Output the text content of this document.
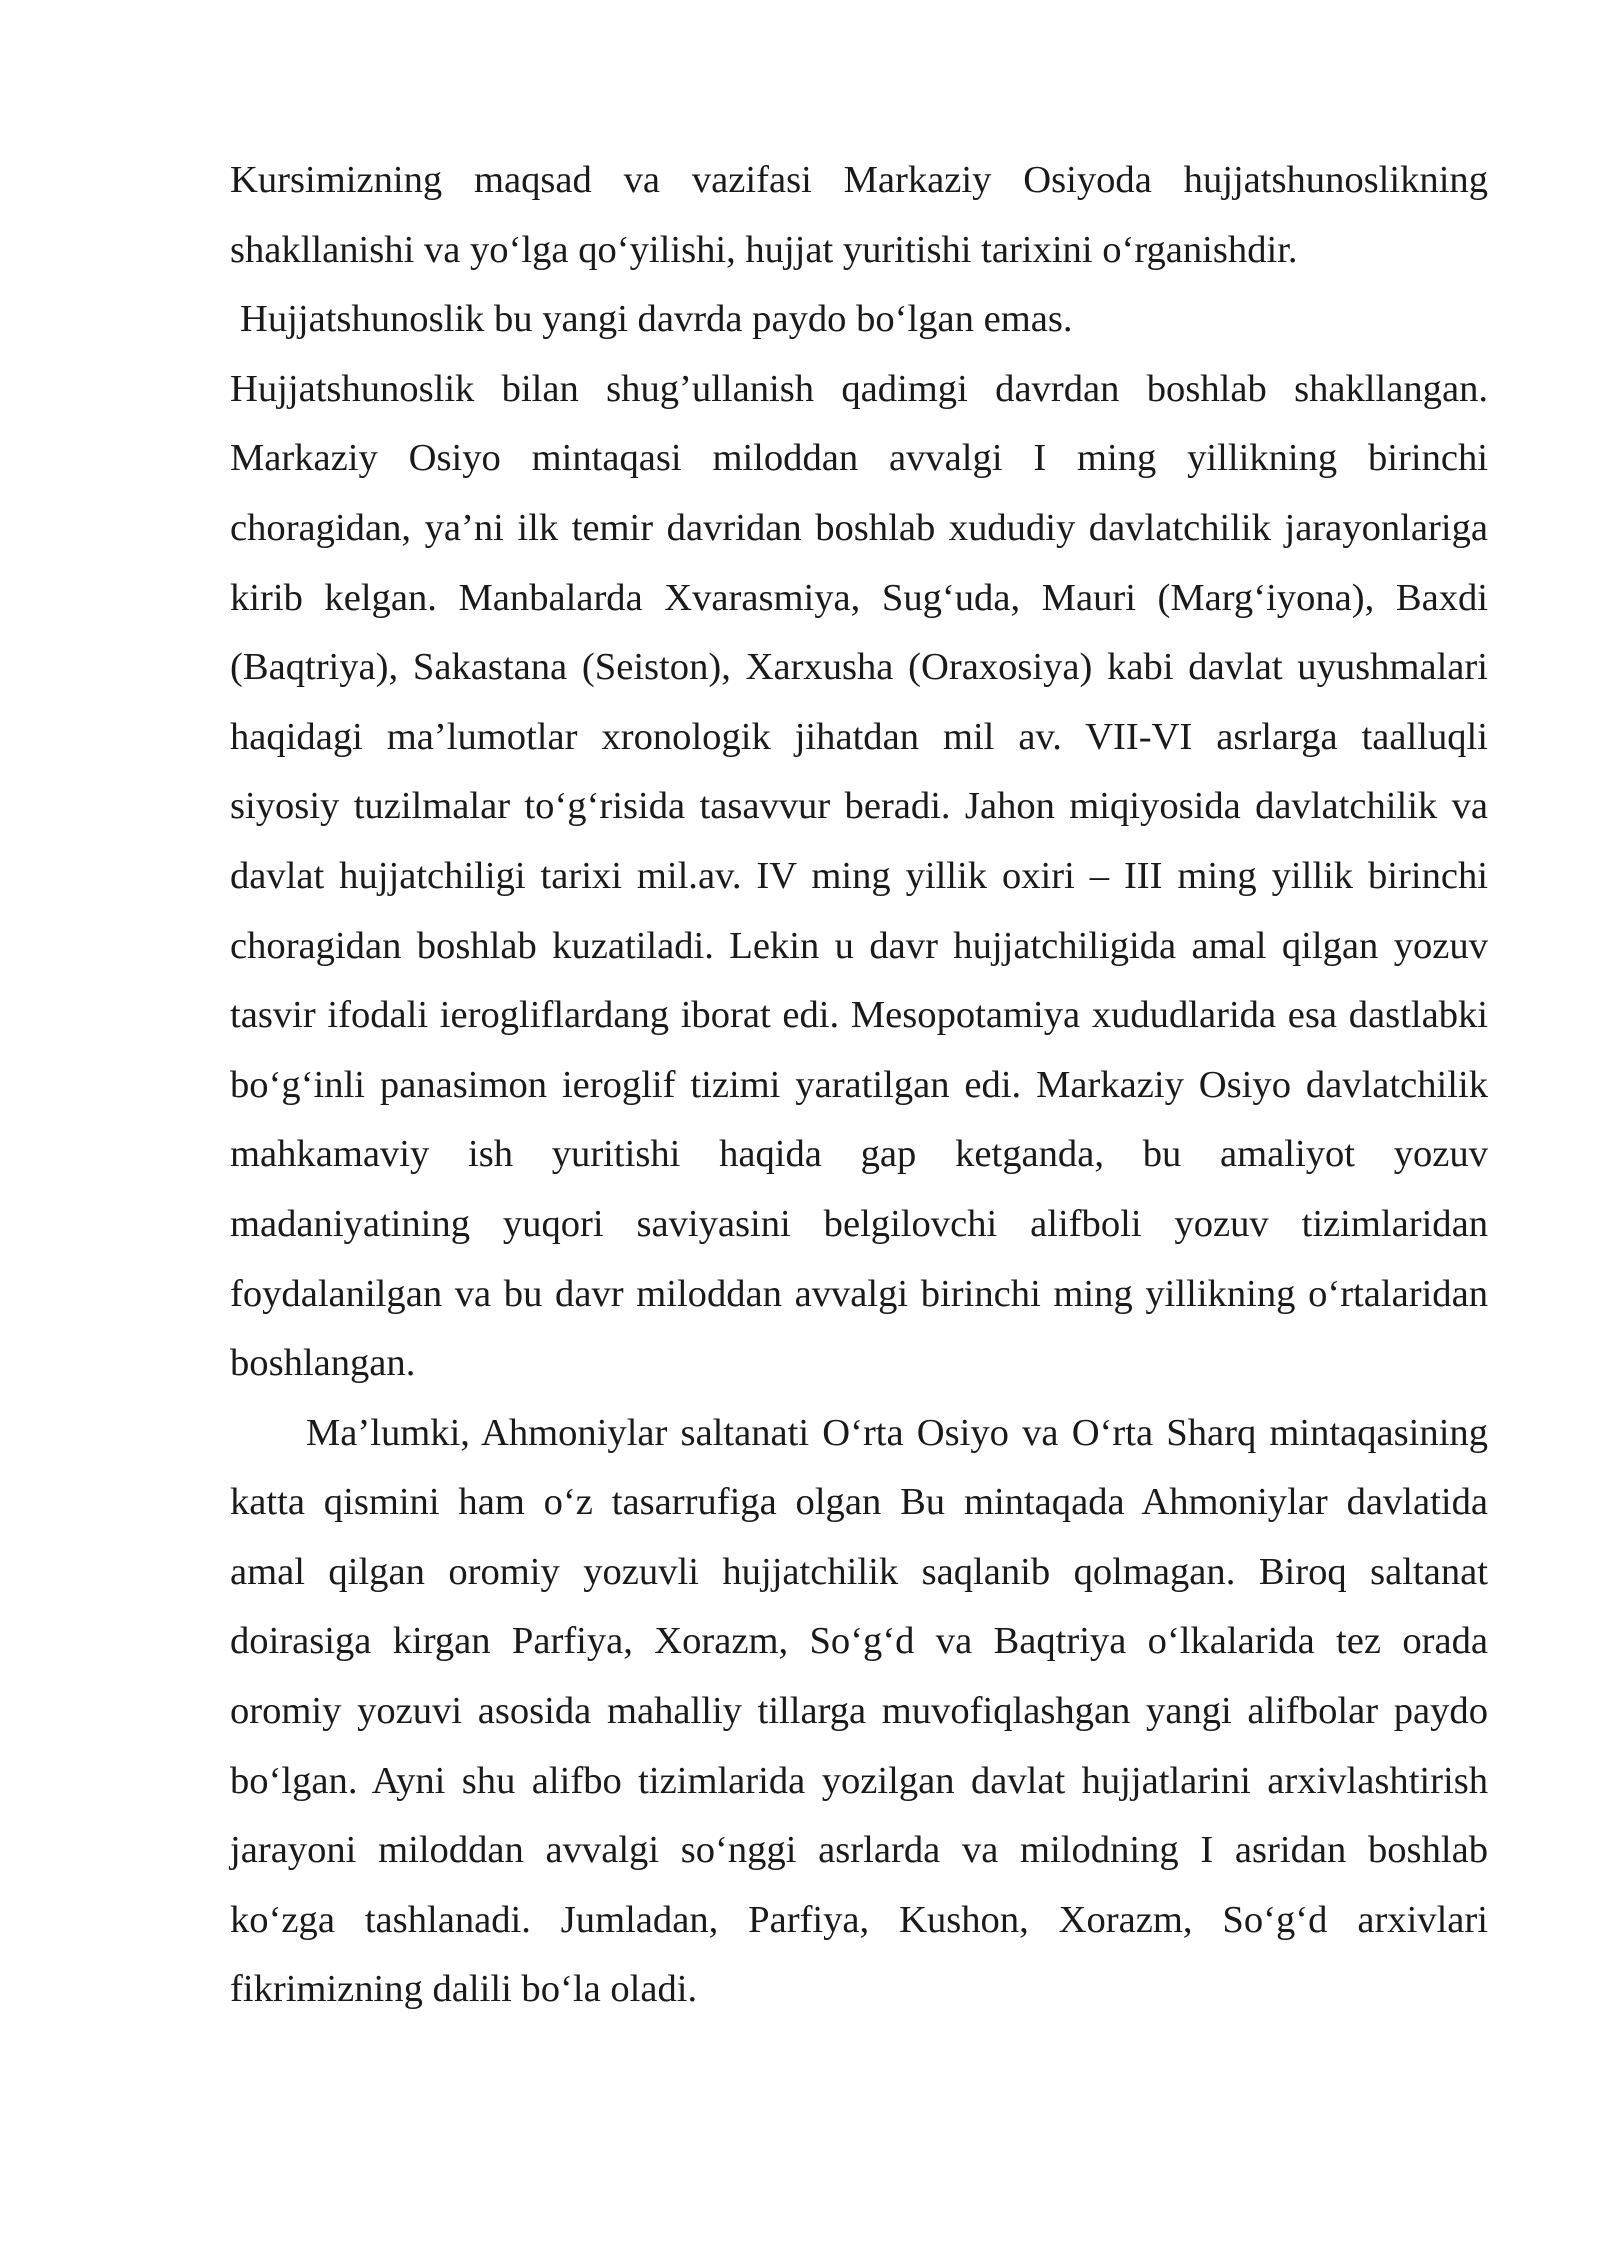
Kursimizning maqsad va vazifasi Markaziy Osiyoda hujjatshunoslikning shakllanishi va yo‘lga qo‘yilishi, hujjat yuritishi tarixini o‘rganishdir.

Hujjatshunoslik bu yangi davrda paydo bo‘lgan emas.

Hujjatshunoslik bilan shug’ullanish qadimgi davrdan boshlab shakllangan. Markaziy Osiyo mintaqasi miloddan avvalgi I ming yillikning birinchi choragidan, ya’ni ilk temir davridan boshlab xududiy davlatchilik jarayonlariga kirib kelgan. Manbalarda Xvarasmiya, Sug‘uda, Mauri (Marg‘iyona), Baxdi (Baqtriya), Sakastana (Seiston), Xarxusha (Oraxosiya) kabi davlat uyushmalari haqidagi ma’lumotlar xronologik jihatdan mil av. VII-VI asrlarga taalluqli siyosiy tuzilmalar to‘g‘risida tasavvur beradi. Jahon miqiyosida davlatchilik va davlat hujjatchiligi tarixi mil.av. IV ming yillik oxiri – III ming yillik birinchi choragidan boshlab kuzatiladi. Lekin u davr hujjatchiligida amal qilgan yozuv tasvir ifodali ierogliflardang iborat edi. Mesopotamiya xududlarida esa dastlabki bo‘g‘inli panasimon ieroglif tizimi yaratilgan edi. Markaziy Osiyo davlatchilik mahkamaviy ish yuritishi haqida gap ketganda, bu amaliyot yozuv madaniyatining yuqori saviyasini belgilovchi alifboli yozuv tizimlaridan foydalanilgan va bu davr miloddan avvalgi birinchi ming yillikning o‘rtalaridan boshlangan.

Ma’lumki, Ahmoniylar saltanati O‘rta Osiyo va O‘rta Sharq mintaqasining katta qismini ham o‘z tasarrufiga olgan Bu mintaqada Ahmoniylar davlatida amal qilgan oromiy yozuvli hujjatchilik saqlanib qolmagan. Biroq saltanat doirasiga kirgan Parfiya, Xorazm, So‘g‘d va Baqtriya o‘lkalarida tez orada oromiy yozuvi asosida mahalliy tillarga muvofiqlashgan yangi alifbolar paydo bo‘lgan. Ayni shu alifbo tizimlarida yozilgan davlat hujjatlarini arxivlashtirish jarayoni miloddan avvalgi so‘nggi asrlarda va milodning I asridan boshlab ko‘zga tashlanadi. Jumladan, Parfiya, Kushon, Xorazm, So‘g‘d arxivlari fikrimizning dalili bo‘la oladi.
